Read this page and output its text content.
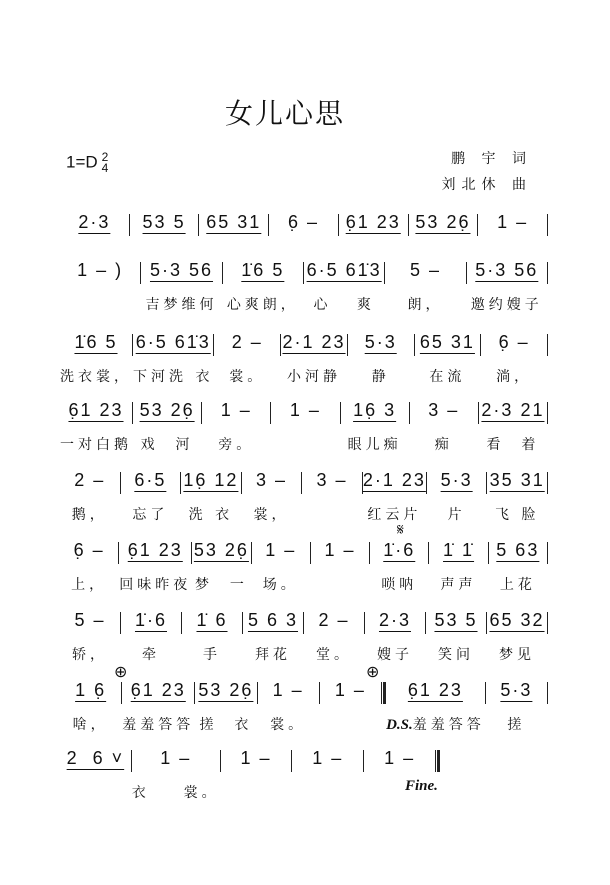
女儿心思
1=D 2
4
鹏 宇 词
刘北休 曲
𝄋
⊕	⊕
Fine.
2·3 53 5 65 31 6̣ – 6̣1 23 53 26̣ 1 –
1 – ) 5·3 56
吉梦维何
1̇6 5
心爽朗，
6·5 61̇3
心   爽
5 –
朗，
5·3 56
邀约嫂子
1̇6 5
洗衣裳，
6·5 61̇3
下河洗 衣
2 –
裳。
2·1 23
小河静
5·3
静
65 31
在流
6̣ –
淌，
6̣1 23
一对白鹅
53 26̣
戏  河
1 –
旁。
1 – 16̣ 3
眼儿痴
3 –
痴
2·3 21
看  着
2 –
鹅，
6·5
忘了
16̣ 12
洗 衣
3 –
裳，
3 – 2·1 23
红云片
5·3
片
35 31
飞 脸
6̣ –
上，
6̣1 23
回味昨夜
53 26̣
梦  一
1 –
场。
1 – 1̇·6
唢呐
1̇ 1̇
声声
5 63
上花
5 –
轿，
1̇·6
牵
1̇ 6
手
5 6 3
拜花
2 –
堂。
2·3
嫂子
53 5
笑问
65 32
梦见
1 6̣
啥，
6̣1 23
羞羞答答
53 26̣
搓  衣
1 –
裳。
1 – 6̣1 23
D.S.羞羞答答
5·3
搓
2  6 ˅ 1 –
衣    裳。
1 – 1 – 1 –
